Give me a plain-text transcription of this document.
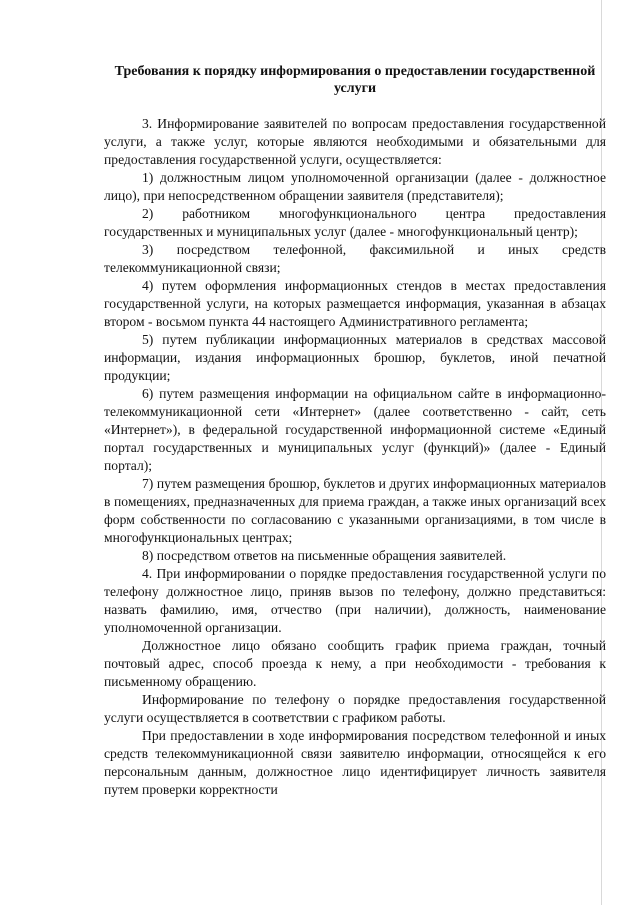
Требования к порядку информирования о предоставлении государственной услуги

3. Информирование заявителей по вопросам предоставления государственной услуги, а также услуг, которые являются необходимыми и обязательными для предоставления государственной услуги, осуществляется:

1) должностным лицом уполномоченной организации (далее - должностное лицо), при непосредственном обращении заявителя (представителя);

2) работником многофункционального центра предоставления государственных и муниципальных услуг (далее - многофункциональный центр);

3) посредством телефонной, факсимильной и иных средств телекоммуникационной связи;

4) путем оформления информационных стендов в местах предоставления государственной услуги, на которых размещается информация, указанная в абзацах втором - восьмом пункта 44 настоящего Административного регламента;

5) путем публикации информационных материалов в средствах массовой информации, издания информационных брошюр, буклетов, иной печатной продукции;

6) путем размещения информации на официальном сайте в информационно-телекоммуникационной сети «Интернет» (далее соответственно - сайт, сеть «Интернет»), в федеральной государственной информационной системе «Единый портал государственных и муниципальных услуг (функций)» (далее - Единый портал);

7) путем размещения брошюр, буклетов и других информационных материалов в помещениях, предназначенных для приема граждан, а также иных организаций всех форм собственности по согласованию с указанными организациями, в том числе в многофункциональных центрах;

8) посредством ответов на письменные обращения заявителей.

4. При информировании о порядке предоставления государственной услуги по телефону должностное лицо, приняв вызов по телефону, должно представиться: назвать фамилию, имя, отчество (при наличии), должность, наименование уполномоченной организации.

Должностное лицо обязано сообщить график приема граждан, точный почтовый адрес, способ проезда к нему, а при необходимости - требования к письменному обращению.

Информирование по телефону о порядке предоставления государственной услуги осуществляется в соответствии с графиком работы.

При предоставлении в ходе информирования посредством телефонной и иных средств телекоммуникационной связи заявителю информации, относящейся к его персональным данным, должностное лицо идентифицирует личность заявителя путем проверки корректности
